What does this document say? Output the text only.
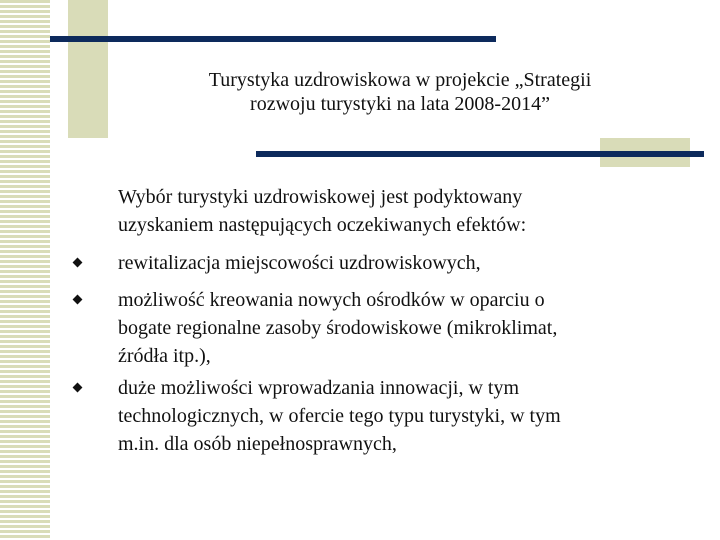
Turystyka uzdrowiskowa w projekcie „Strategii
rozwoju turystyki na lata 2008-2014”
Wybór turystyki uzdrowiskowej jest podyktowany
uzyskaniem następujących oczekiwanych efektów:
rewitalizacja miejscowości uzdrowiskowych,
możliwość kreowania nowych ośrodków w oparciu o
bogate regionalne zasoby środowiskowe (mikroklimat,
źródła itp.),
duże możliwości wprowadzania innowacji, w tym
technologicznych, w ofercie tego typu turystyki, w tym
m.in. dla osób niepełnosprawnych,
